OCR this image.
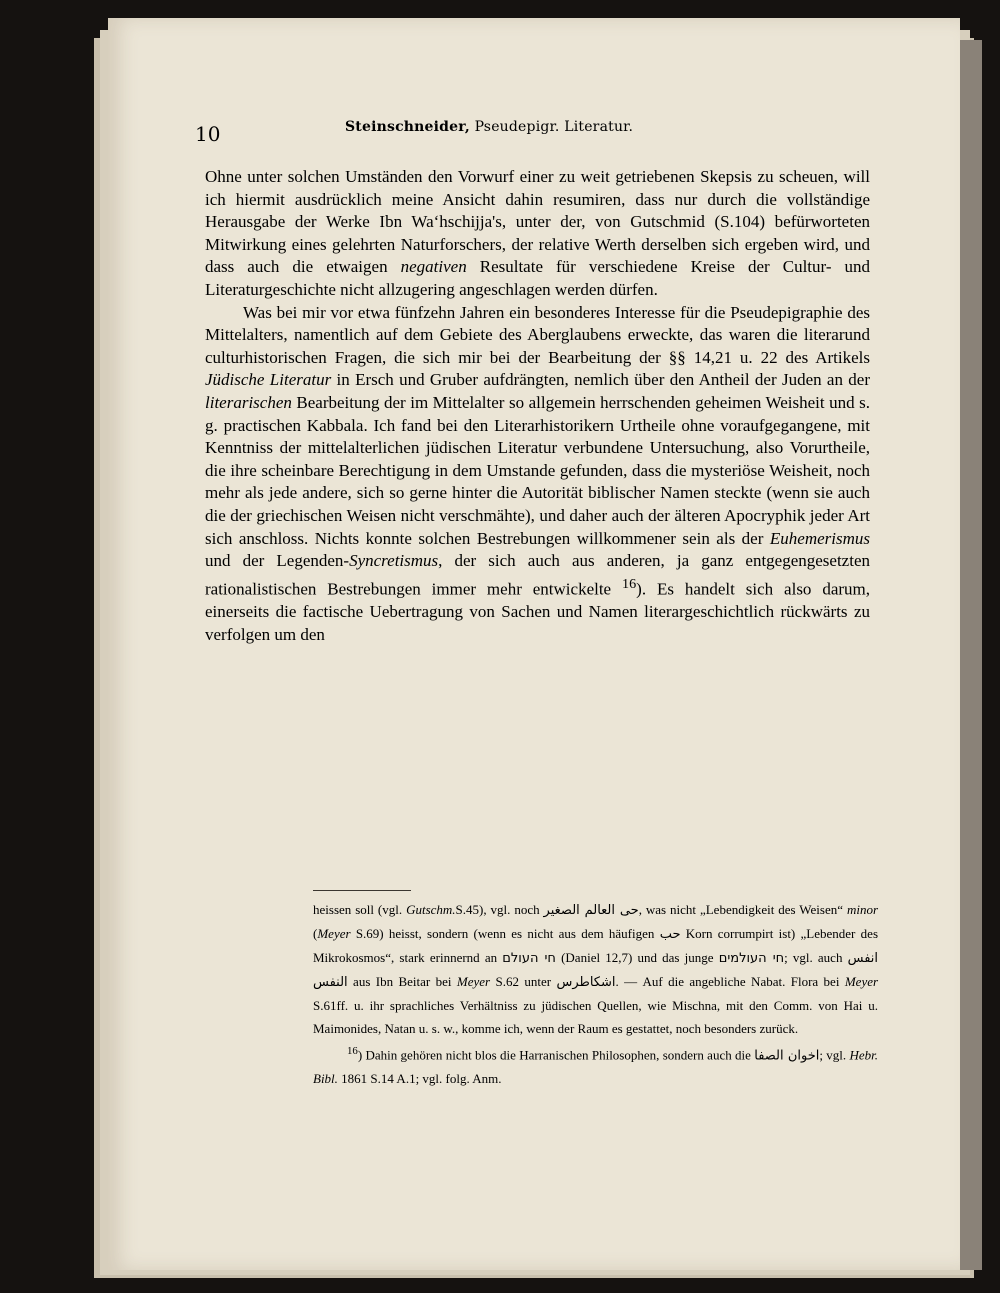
10	Steinschneider, Pseudepigr. Literatur.

Ohne unter solchen Umständen den Vorwurf einer zu weit getriebenen Skepsis zu scheuen, will ich hiermit ausdrücklich meine Ansicht dahin resumiren, dass nur durch die vollständige Herausgabe der Werke Ibn Wa‘hschijja's, unter der, von Gutschmid (S.104) befürworteten Mitwirkung eines gelehrten Naturforschers, der relative Werth derselben sich ergeben wird, und dass auch die etwaigen negativen Resultate für verschiedene Kreise der Cultur- und Literaturgeschichte nicht allzugering angeschlagen werden dürfen.

Was bei mir vor etwa fünfzehn Jahren ein besonderes Interesse für die Pseudepigraphie des Mittelalters, namentlich auf dem Gebiete des Aberglaubens erweckte, das waren die literarund culturhistorischen Fragen, die sich mir bei der Bearbeitung der §§ 14,21 u. 22 des Artikels Jüdische Literatur in Ersch und Gruber aufdrängten, nemlich über den Antheil der Juden an der literarischen Bearbeitung der im Mittelalter so allgemein herrschenden geheimen Weisheit und s. g. practischen Kabbala. Ich fand bei den Literarhistorikern Urtheile ohne voraufgegangene, mit Kenntniss der mittelalterlichen jüdischen Literatur verbundene Untersuchung, also Vorurtheile, die ihre scheinbare Berechtigung in dem Umstande gefunden, dass die mysteriöse Weisheit, noch mehr als jede andere, sich so gerne hinter die Autorität biblischer Namen steckte (wenn sie auch die der griechischen Weisen nicht verschmähte), und daher auch der älteren Apocryphik jeder Art sich anschloss. Nichts konnte solchen Bestrebungen willkommener sein als der Euhemerismus und der Legenden-Syncretismus, der sich auch aus anderen, ja ganz entgegengesetzten rationalistischen Bestrebungen immer mehr entwickelte $^{16}$). Es handelt sich also darum, einerseits die factische Uebertragung von Sachen und Namen literargeschichtlich rückwärts zu verfolgen um den

heissen soll (vgl. Gutschm.S.45), vgl. noch حى العالم الصغير, was nicht „Lebendigkeit des Weisen“ minor (Meyer S.69) heisst, sondern (wenn es nicht aus dem häufigen حب Korn corrumpirt ist) „Lebender des Mikrokosmos“, stark erinnernd an חי העולם (Daniel 12,7) und das junge חי העולמים; vgl. auch انفس النفس aus Ibn Beitar bei Meyer S.62 unter اشكاطرس. — Auf die angebliche Nabat. Flora bei Meyer S.61ff. u. ihr sprachliches Verhältniss zu jüdischen Quellen, wie Mischna, mit den Comm. von Hai u. Maimonides, Natan u. s. w., komme ich, wenn der Raum es gestattet, noch besonders zurück.

$^{16}$) Dahin gehören nicht blos die Harranischen Philosophen, sondern auch die اخوان الصفا; vgl. Hebr. Bibl. 1861 S.14 A.1; vgl. folg. Anm.
